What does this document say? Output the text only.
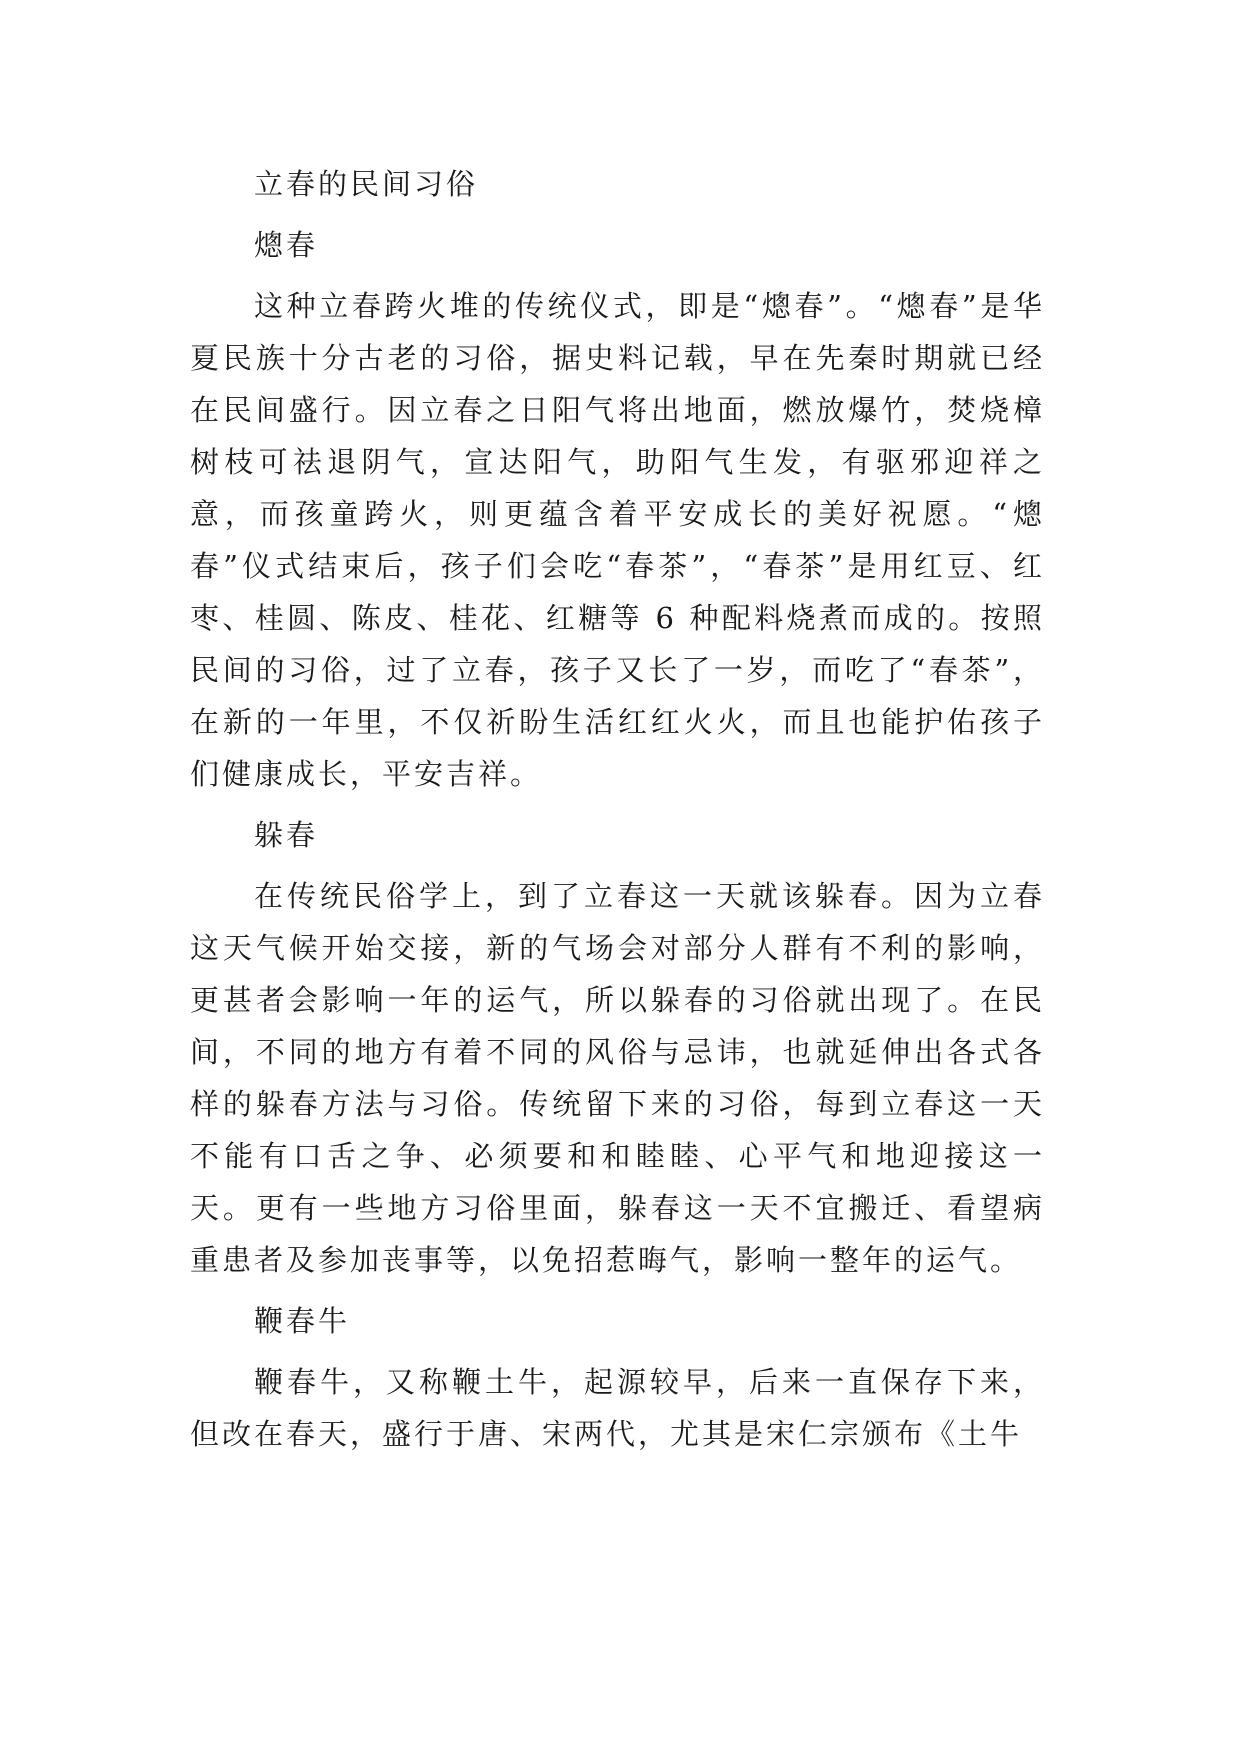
立春的民间习俗
熜春
这种立春跨火堆的传统仪式，即是“熜春”。“熜春”是华夏民族十分古老的习俗，据史料记载，早在先秦时期就已经在民间盛行。因立春之日阳气将出地面，燃放爆竹，焚烧樟树枝可祛退阴气，宣达阳气，助阳气生发，有驱邪迎祥之意，而孩童跨火，则更蕴含着平安成长的美好祝愿。“熜春”仪式结束后，孩子们会吃“春茶”，“春茶”是用红豆、红枣、桂圆、陈皮、桂花、红糖等 6 种配料烧煮而成的。按照民间的习俗，过了立春，孩子又长了一岁，而吃了“春茶”，在新的一年里，不仅祈盼生活红红火火，而且也能护佑孩子们健康成长，平安吉祥。
躲春
在传统民俗学上，到了立春这一天就该躲春。因为立春这天气候开始交接，新的气场会对部分人群有不利的影响，更甚者会影响一年的运气，所以躲春的习俗就出现了。在民间，不同的地方有着不同的风俗与忌讳，也就延伸出各式各样的躲春方法与习俗。传统留下来的习俗，每到立春这一天不能有口舌之争、必须要和和睦睦、心平气和地迎接这一天。更有一些地方习俗里面，躲春这一天不宜搬迁、看望病重患者及参加丧事等，以免招惹晦气，影响一整年的运气。
鞭春牛
鞭春牛，又称鞭土牛，起源较早，后来一直保存下来，但改在春天，盛行于唐、宋两代，尤其是宋仁宗颁布《土牛
